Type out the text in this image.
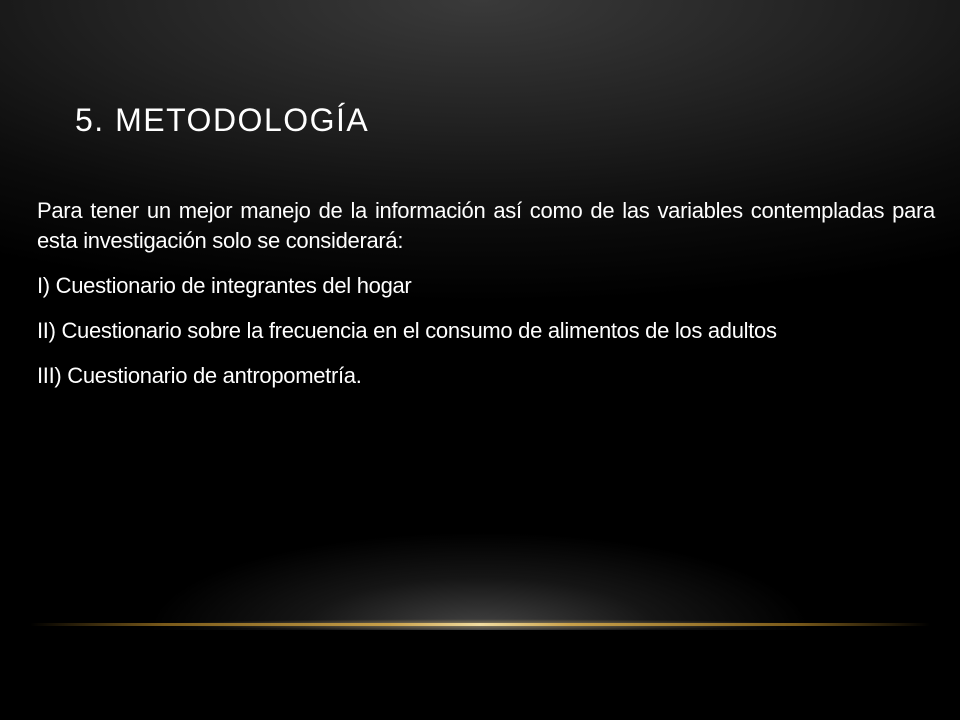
5. METODOLOGÍA

Para tener un mejor manejo de la información así como de las variables contempladas para esta investigación solo se considerará:

I) Cuestionario de integrantes del hogar

II) Cuestionario sobre la frecuencia en el consumo de alimentos de los adultos

III) Cuestionario de antropometría.
